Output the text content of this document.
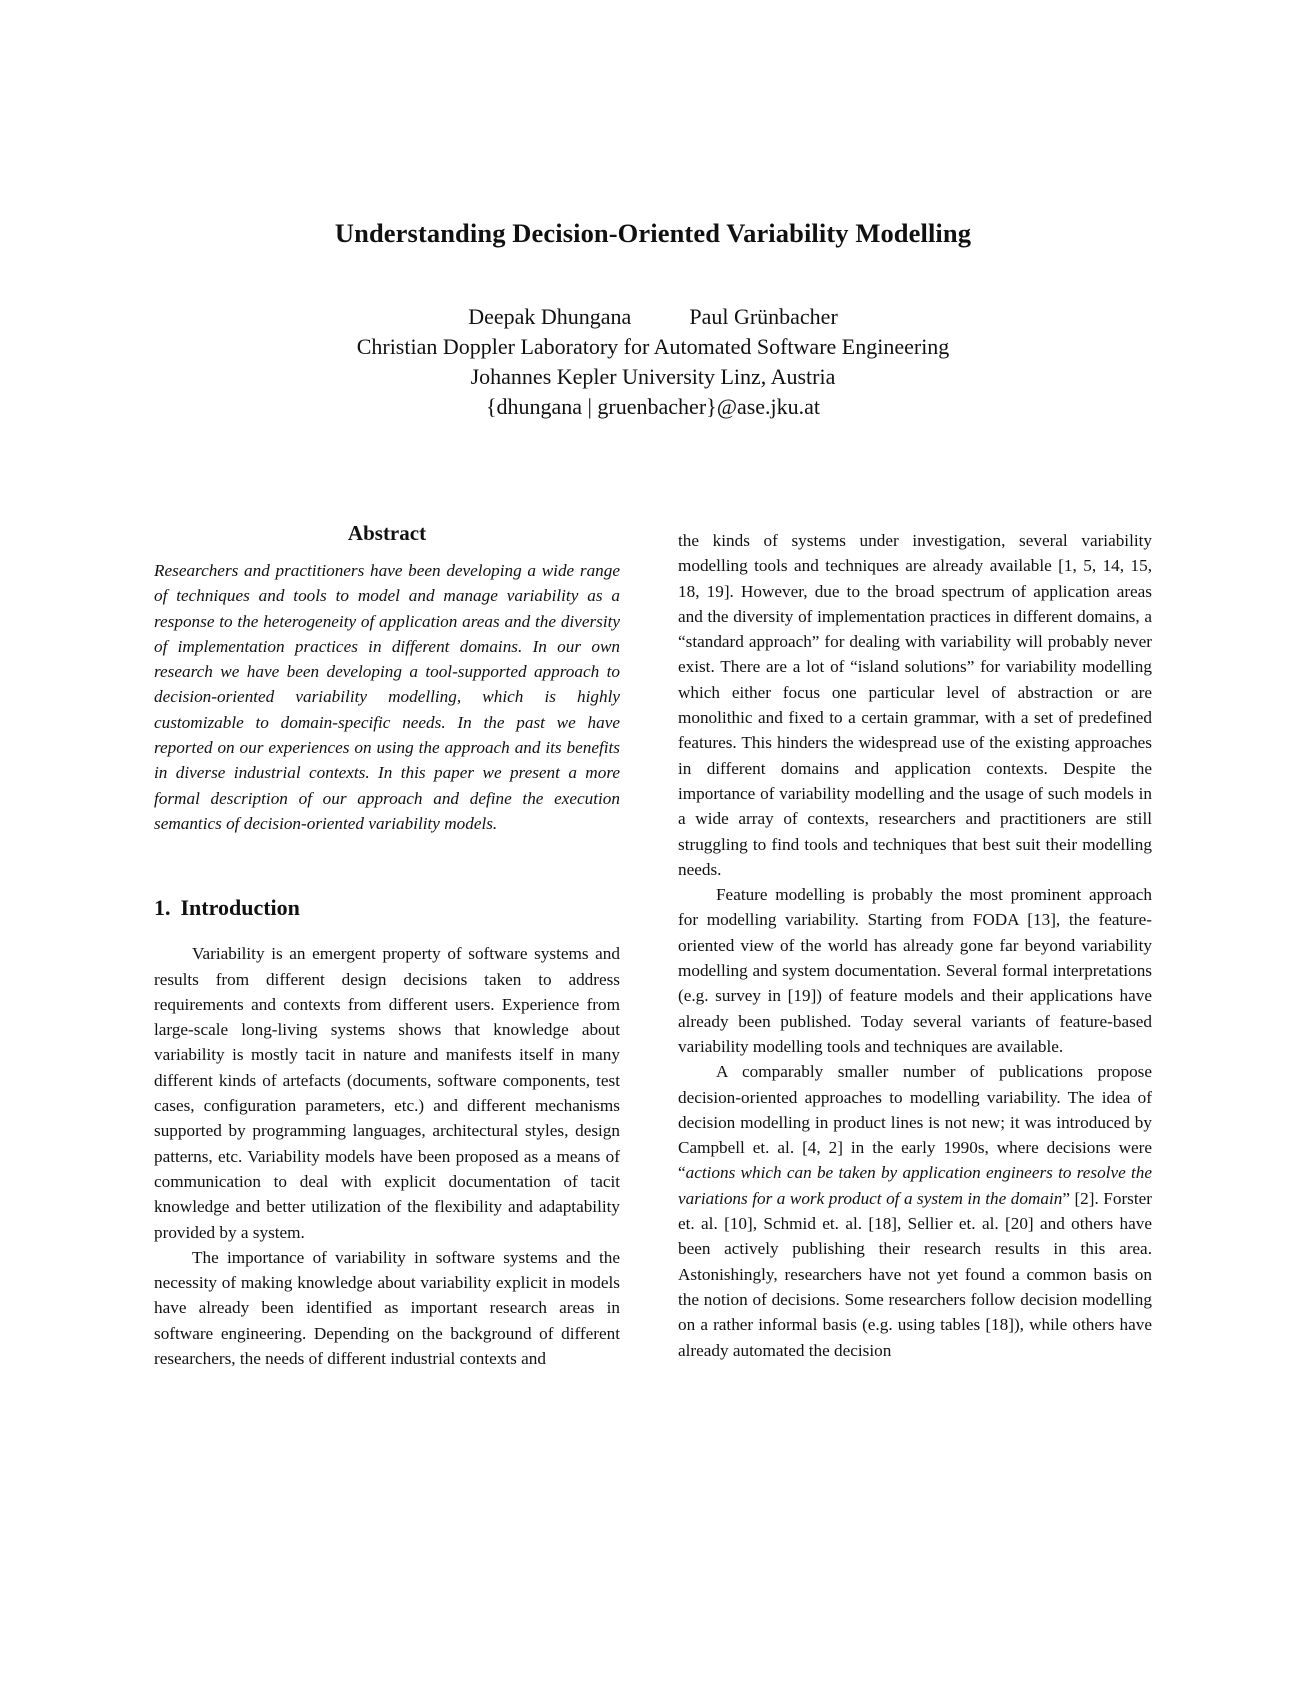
Understanding Decision-Oriented Variability Modelling
Deepak Dhungana	Paul Grünbacher
Christian Doppler Laboratory for Automated Software Engineering
Johannes Kepler University Linz, Austria
{dhungana | gruenbacher}@ase.jku.at
Abstract

Researchers and practitioners have been developing a wide range of techniques and tools to model and manage variability as a response to the heterogeneity of application areas and the diversity of implementation practices in different domains. In our own research we have been developing a tool-supported approach to decision-oriented variability modelling, which is highly customizable to domain-specific needs. In the past we have reported on our experiences on using the approach and its benefits in diverse industrial contexts. In this paper we present a more formal description of our approach and define the execution semantics of decision-oriented variability models.

1. Introduction

Variability is an emergent property of software systems and results from different design decisions taken to address requirements and contexts from different users. Experience from large-scale long-living systems shows that knowledge about variability is mostly tacit in nature and manifests itself in many different kinds of artefacts (documents, software components, test cases, configuration parameters, etc.) and different mechanisms supported by programming languages, architectural styles, design patterns, etc. Variability models have been proposed as a means of communication to deal with explicit documentation of tacit knowledge and better utilization of the flexibility and adaptability provided by a system.

The importance of variability in software systems and the necessity of making knowledge about variability explicit in models have already been identified as important research areas in software engineering. Depending on the background of different researchers, the needs of different industrial contexts and

the kinds of systems under investigation, several variability modelling tools and techniques are already available [1, 5, 14, 15, 18, 19]. However, due to the broad spectrum of application areas and the diversity of implementation practices in different domains, a “standard approach” for dealing with variability will probably never exist. There are a lot of “island solutions” for variability modelling which either focus one particular level of abstraction or are monolithic and fixed to a certain grammar, with a set of predefined features. This hinders the widespread use of the existing approaches in different domains and application contexts. Despite the importance of variability modelling and the usage of such models in a wide array of contexts, researchers and practitioners are still struggling to find tools and techniques that best suit their modelling needs.

Feature modelling is probably the most prominent approach for modelling variability. Starting from FODA [13], the feature-oriented view of the world has already gone far beyond variability modelling and system documentation. Several formal interpretations (e.g. survey in [19]) of feature models and their applications have already been published. Today several variants of feature-based variability modelling tools and techniques are available.

A comparably smaller number of publications propose decision-oriented approaches to modelling variability. The idea of decision modelling in product lines is not new; it was introduced by Campbell et. al. [4, 2] in the early 1990s, where decisions were “actions which can be taken by application engineers to resolve the variations for a work product of a system in the domain” [2]. Forster et. al. [10], Schmid et. al. [18], Sellier et. al. [20] and others have been actively publishing their research results in this area. Astonishingly, researchers have not yet found a common basis on the notion of decisions. Some researchers follow decision modelling on a rather informal basis (e.g. using tables [18]), while others have already automated the decision
